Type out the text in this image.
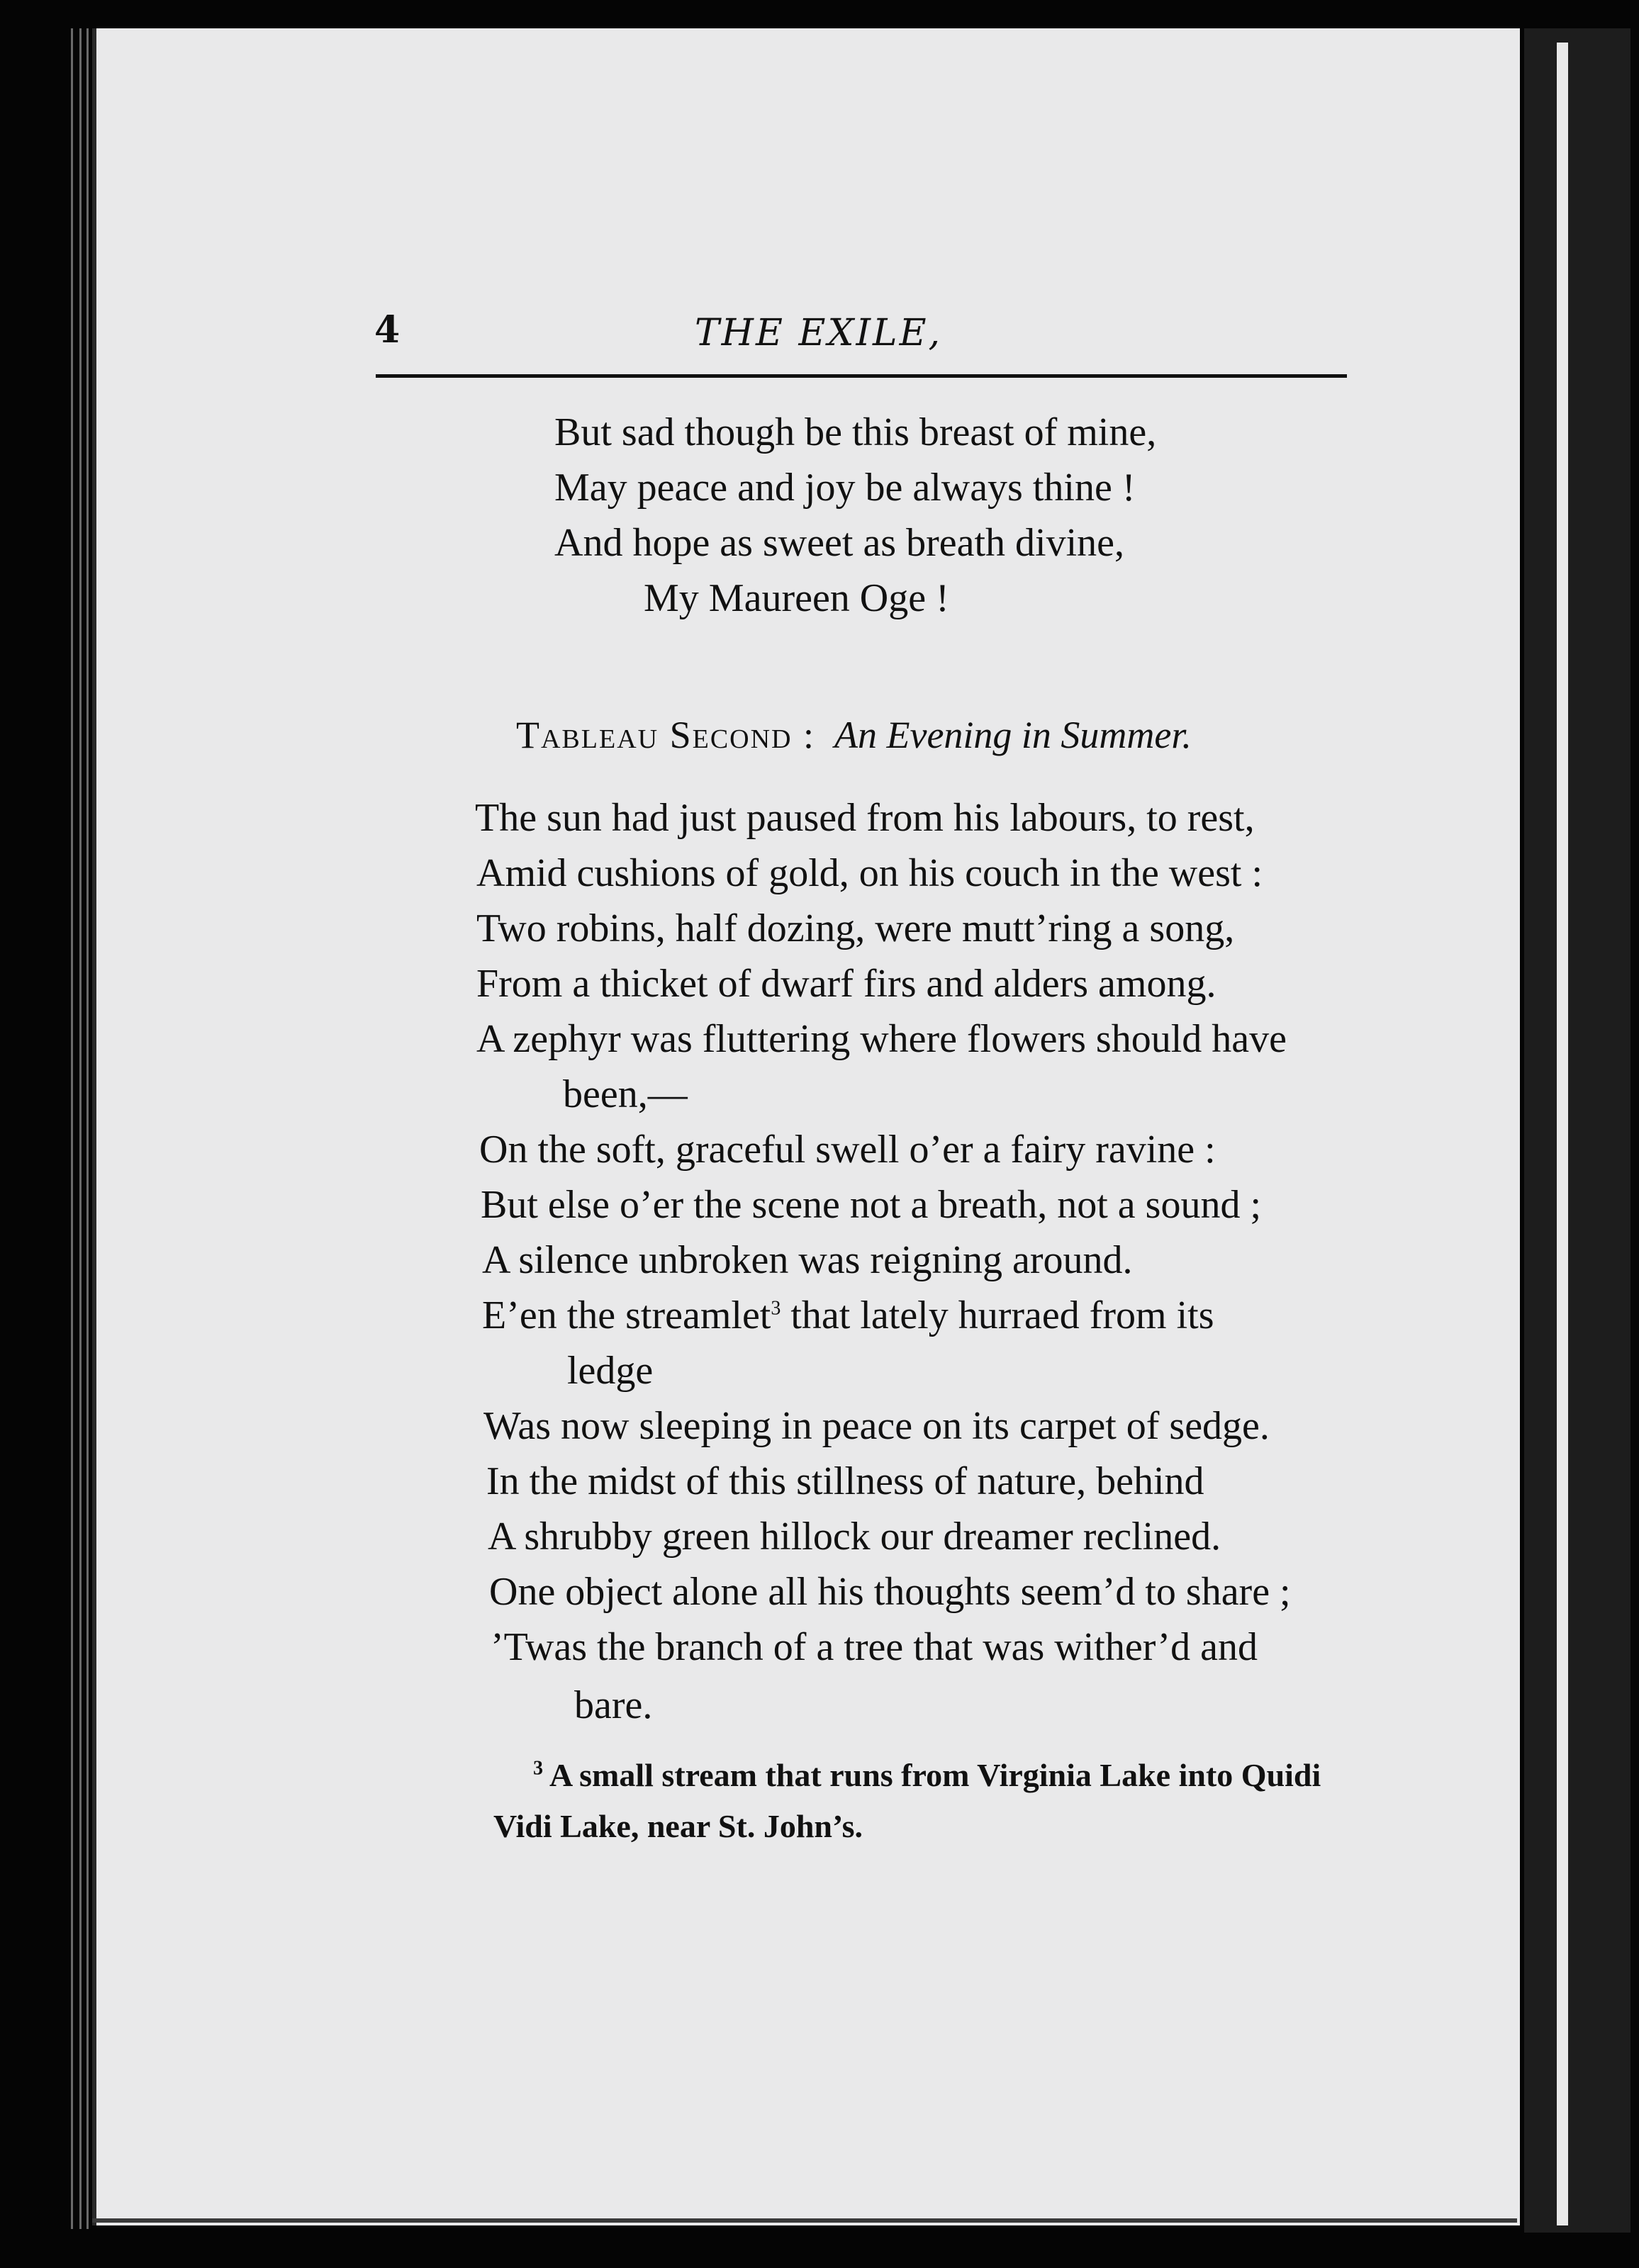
4	THE EXILE,

But sad though be this breast of mine,

May peace and joy be always thine !

And hope as sweet as breath divine,

My Maureen Oge !

Tableau Second : An Evening in Summer.

The sun had just paused from his labours, to rest,

Amid cushions of gold, on his couch in the west :

Two robins, half dozing, were mutt’ring a song,

From a thicket of dwarf firs and alders among.

A zephyr was fluttering where flowers should have

been,—

On the soft, graceful swell o’er a fairy ravine :

But else o’er the scene not a breath, not a sound ;

A silence unbroken was reigning around.

E’en the streamlet$^3$ that lately hurraed from its

ledge

Was now sleeping in peace on its carpet of sedge.

In the midst of this stillness of nature, behind

A shrubby green hillock our dreamer reclined.

One object alone all his thoughts seem’d to share ;

’Twas the branch of a tree that was wither’d and

bare.

$^3$ A small stream that runs from Virginia Lake into Quidi

Vidi Lake, near St. John’s.
